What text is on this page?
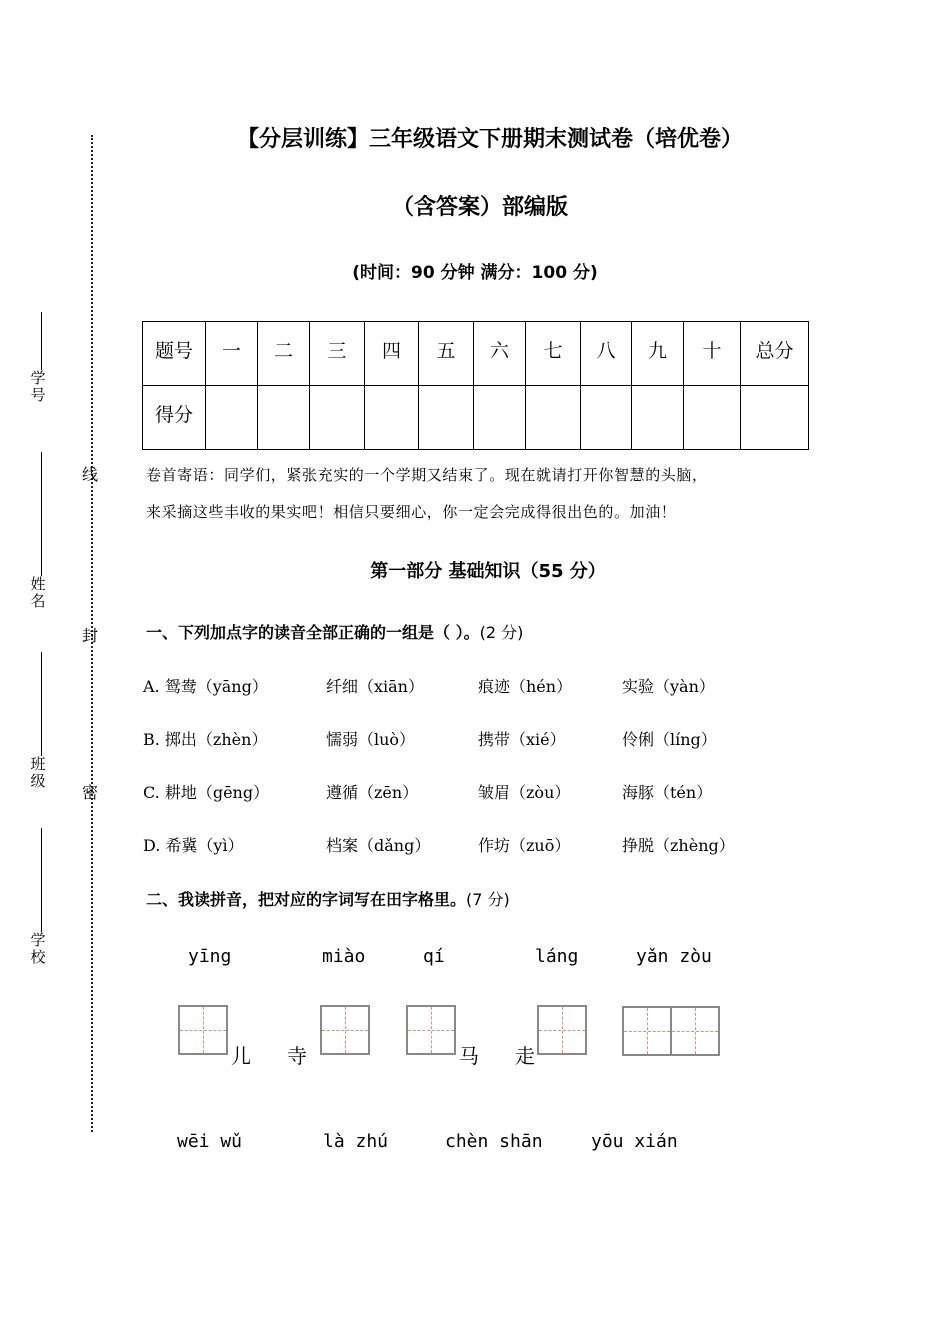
学号
姓名
班级
学校
线
封
密
【分层训练】三年级语文下册期末测试卷（培优卷）
（含答案）部编版
(时间：90 分钟 满分：100 分)
题号	一	二	三	四	五	六	七	八	九	十	总分
得分											
卷首寄语：同学们，紧张充实的一个学期又结束了。现在就请打开你智慧的头脑，
来采摘这些丰收的果实吧！相信只要细心，你一定会完成得很出色的。加油！
第一部分 基础知识（55 分）
一、下列加点字的读音全部正确的一组是（ ）。(2 分)
A. 鸳鸯（yāng）	纤细（xiān）	痕迹（hén）	实验（yàn）
B. 掷出（zhèn）	懦弱（luò）	携带（xié）	伶俐（líng）
C. 耕地（gēng）	遵循（zēn）	皱眉（zòu）	海豚（tén）
D. 希冀（yì）	档案（dǎng）	作坊（zuō）	挣脱（zhèng）
二、我读拼音，把对应的字词写在田字格里。(7 分)
yīng	miào	qí	láng	yǎn zòu
儿 寺	马 走
wēi wǔ	là zhú	chèn shān	yōu xián
